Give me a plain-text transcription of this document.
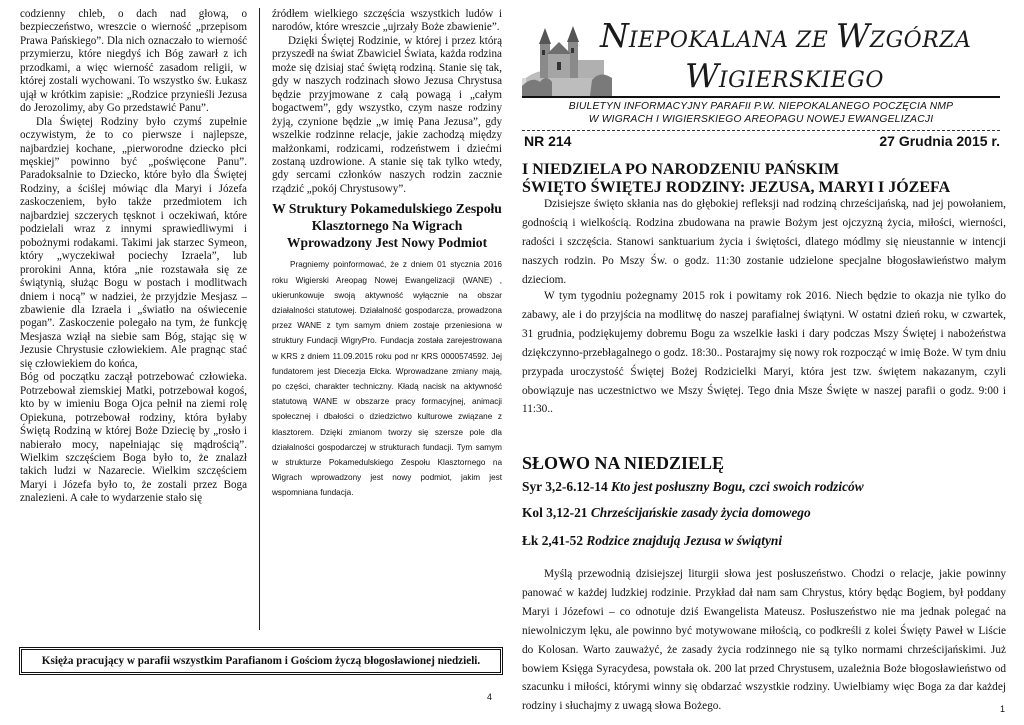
codzienny chleb, o dach nad głową, o bezpieczeństwo, wreszcie o wierność „przepisom Prawa Pańskiego”. Dla nich oznaczało to wierność przymierzu, które niegdyś ich Bóg zawarł z ich przodkami, a więc wierność zasadom religii, w której zostali wychowani. To wszystko św. Łukasz ujął w krótkim zapisie: „Rodzice przynieśli Jezusa do Jerozolimy, aby Go przedstawić Panu”.

Dla Świętej Rodziny było czymś zupełnie oczywistym, że to co pierwsze i najlepsze, najbardziej kochane, „pierworodne dziecko płci męskiej” powinno być „poświęcone Panu”. Paradoksalnie to Dziecko, które było dla Świętej Rodziny, a ściślej mówiąc dla Maryi i Józefa zaskoczeniem, było także przedmiotem ich najbardziej szczerych tęsknot i oczekiwań, które podzielali wraz z innymi sprawiedliwymi i pobożnymi rodakami. Takimi jak starzec Symeon, który „wyczekiwał pociechy Izraela”, lub prorokini Anna, która „nie rozstawała się ze świątynią, służąc Bogu w postach i modlitwach dniem i nocą” w nadziei, że przyjdzie Mesjasz – zbawienie dla Izraela i „światło na oświecenie pogan”. Zaskoczenie polegało na tym, że funkcję Mesjasza wziął na siebie sam Bóg, stając się w Jezusie Chrystusie człowiekiem. Ale pragnąc stać się człowiekiem do końca,

Bóg od początku zaczął potrzebować człowieka. Potrzebował ziemskiej Matki, potrzebował kogoś, kto by w imieniu Boga Ojca pełnił na ziemi rolę Opiekuna, potrzebował rodziny, która byłaby Świętą Rodziną w której Boże Dziecię by „rosło i nabierało mocy, napełniając się mądrością”. Wielkim szczęściem Boga było to, że znalazł takich ludzi w Nazarecie. Wielkim szczęściem Maryi i Józefa było to, że zostali przez Boga znalezieni. A całe to wydarzenie stało się

źródłem wielkiego szczęścia wszystkich ludów i narodów, które wreszcie „ujrzały Boże zbawienie”.

Dzięki Świętej Rodzinie, w której i przez którą przyszedł na świat Zbawiciel Świata, każda rodzina może się dzisiaj stać świętą rodziną. Stanie się tak, gdy w naszych rodzinach słowo Jezusa Chrystusa będzie przyjmowane z całą powagą i „całym bogactwem”, gdy wszystko, czym nasze rodziny żyją, czynione będzie „w imię Pana Jezusa”, gdy wszelkie rodzinne relacje, jakie zachodzą między małżonkami, rodzicami, rodzeństwem i dziećmi zostaną uzdrowione. A stanie się tak tylko wtedy, gdy sercami członków naszych rodzin zacznie rządzić „pokój Chrystusowy”.

W Struktury Pokamedulskiego Zespołu Klasztornego Na Wigrach Wprowadzony Jest Nowy Podmiot

Pragniemy poinformować, że z dniem 01 stycznia 2016 roku Wigierski Areopag Nowej Ewangelizacji (WANE) , ukierunkowuje swoją aktywność wyłącznie na obszar działalności statutowej. Działalność gospodarcza, prowadzona przez WANE z tym samym dniem zostaje przeniesiona w struktury Fundacji WigryPro. Fundacja została zarejestrowana w KRS z dniem 11.09.2015 roku pod nr KRS 0000574592. Jej fundatorem jest Diecezja Ełcka. Wprowadzane zmiany mają, po części, charakter techniczny. Kładą nacisk na aktywność statutową WANE w obszarze pracy formacyjnej, animacji społecznej i dbałości o dziedzictwo kulturowe związane z klasztorem. Dzięki zmianom tworzy się szersze pole dla działalności gospodarczej w strukturach fundacji. Tym samym w strukturze Pokamedulskiego Zespołu Klasztornego na Wigrach wprowadzony jest nowy podmiot, jakim jest wspomniana fundacja.

Księża pracujący w parafii wszystkim Parafianom i Gościom życzą błogosławionej niedzieli.
4
NIEPOKALANA ZE WZGÓRZA
WIGIERSKIEGO
BIULETYN INFORMACYJNY PARAFII P.W. NIEPOKALANEGO POCZĘCIA NMP
W WIGRACH I WIGIERSKIEGO AREOPAGU NOWEJ EWANGELIZACJI
NR 214	27 Grudnia 2015 r.
I NIEDZIELA PO NARODZENIU PAŃSKIM
ŚWIĘTO ŚWIĘTEJ RODZINY: JEZUSA, MARYI I JÓZEFA

Dzisiejsze święto skłania nas do głębokiej refleksji nad rodziną chrześcijańską, nad jej powołaniem, godnością i wielkością. Rodzina zbudowana na prawie Bożym jest ojczyzną życia, miłości, wierności, radości i szczęścia. Stanowi sanktuarium życia i świętości, dlatego módlmy się nieustannie w intencji naszych rodzin. Po Mszy Św. o godz. 11:30 zostanie udzielone specjalne błogosławieństwo małym dzieciom.

W tym tygodniu pożegnamy 2015 rok i powitamy rok 2016. Niech będzie to okazja nie tylko do zabawy, ale i do przyjścia na modlitwę do naszej parafialnej świątyni. W ostatni dzień roku, w czwartek, 31 grudnia, podziękujemy dobremu Bogu za wszelkie łaski i dary podczas Mszy Świętej i nabożeństwa dziękczynno-przebłagalnego o godz. 18:30.. Postarajmy się nowy rok rozpocząć w imię Boże. W tym dniu przypada uroczystość Świętej Bożej Rodzicielki Maryi, która jest tzw. świętem nakazanym, czyli obowiązuje nas uczestnictwo we Mszy Świętej. Tego dnia Msze Święte w naszej parafii o godz. 9:00 i 11:30..

SŁOWO NA NIEDZIELĘ
Syr 3,2-6.12-14 Kto jest posłuszny Bogu, czci swoich rodziców
Kol 3,12-21 Chrześcijańskie zasady życia domowego
Łk 2,41-52 Rodzice znajdują Jezusa w świątyni

Myślą przewodnią dzisiejszej liturgii słowa jest posłuszeństwo. Chodzi o relacje, jakie powinny panować w każdej ludzkiej rodzinie. Przykład dał nam sam Chrystus, który będąc Bogiem, był poddany Maryi i Józefowi – co odnotuje dziś Ewangelista Mateusz. Posłuszeństwo nie ma jednak polegać na niewolniczym lęku, ale powinno być motywowane miłością, co podkreśli z kolei Święty Paweł w Liście do Kolosan. Warto zauważyć, że zasady życia rodzinnego nie są tylko normami chrześcijańskimi. Już bowiem Księga Syracydesa, powstała ok. 200 lat przed Chrystusem, uzależnia Boże błogosławieństwo od szacunku i miłości, którymi winny się obdarzać wszystkie rodziny. Uwielbiamy więc Boga za dar każdej rodziny i słuchajmy z uwagą słowa Bożego.	1
